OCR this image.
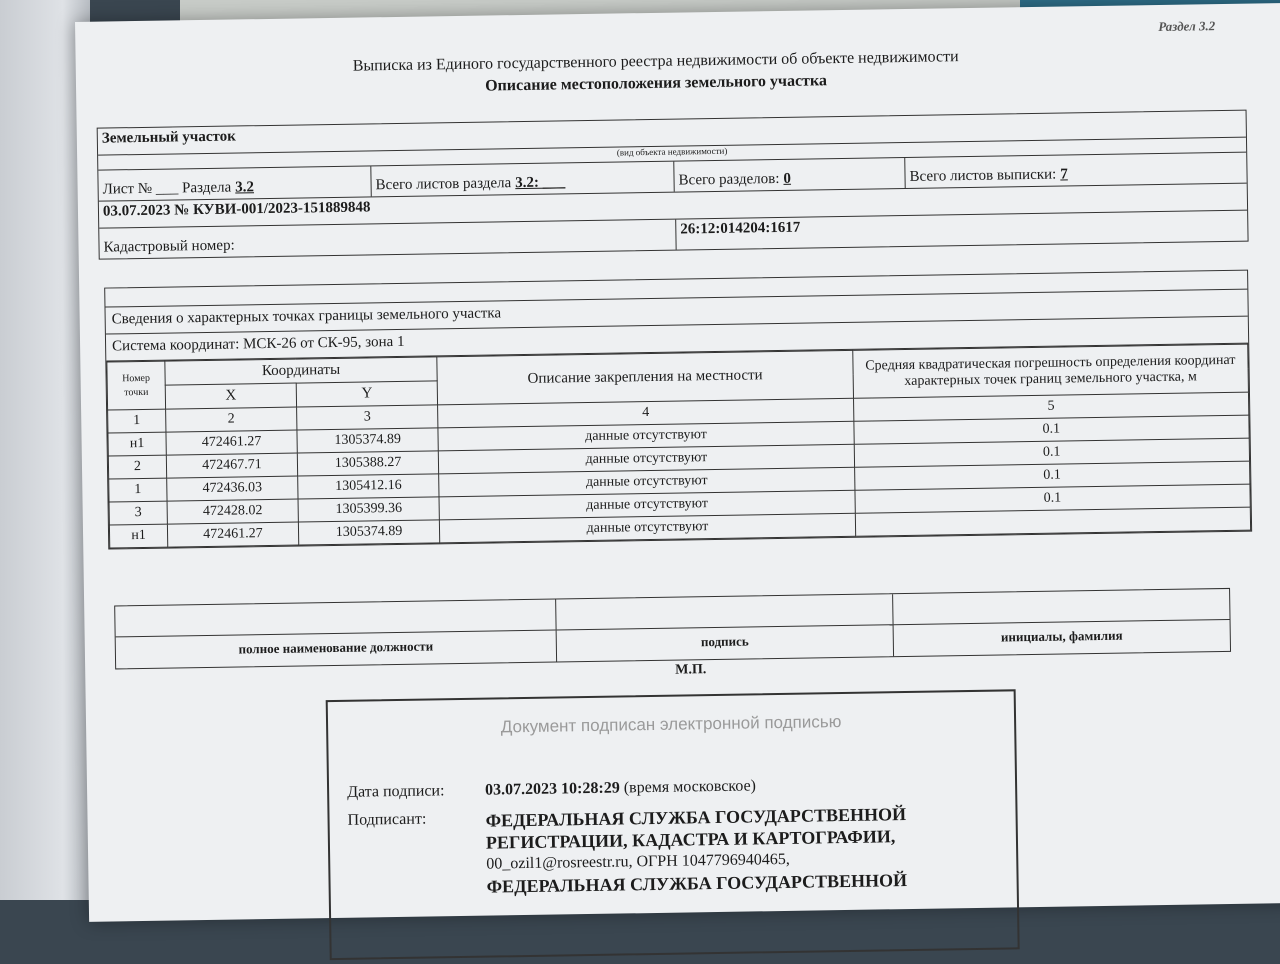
Раздел 3.2
Выписка из Единого государственного реестра недвижимости об объекте недвижимости
Описание местоположения земельного участка
Земельный участок
(вид объекта недвижимости)
Лист № ___ Раздела 3.2	Всего листов раздела 3.2: ___	Всего разделов: 0	Всего листов выписки: 7
03.07.2023 № КУВИ-001/2023-151889848
Кадастровый номер:
26:12:014204:1617
Сведения о характерных точках границы земельного участка
Система координат: МСК-26 от СК-95, зона 1
Номер точки	Координаты		Описание закрепления на местности	Средняя квадратическая погрешность определения координат характерных точек границ земельного участка, м
	X	Y		
1	2	3	4	5
н1	472461.27	1305374.89	данные отсутствуют	0.1
2	472467.71	1305388.27	данные отсутствуют	0.1
1	472436.03	1305412.16	данные отсутствуют	0.1
3	472428.02	1305399.36	данные отсутствуют	0.1
н1	472461.27	1305374.89	данные отсутствуют	
полное наименование должности	подпись	инициалы, фамилия
М.П.
Документ подписан электронной подписью
Дата подписи:	03.07.2023 10:28:29 (время московское)
Подписант:	ФЕДЕРАЛЬНАЯ СЛУЖБА ГОСУДАРСТВЕННОЙ
РЕГИСТРАЦИИ, КАДАСТРА И КАРТОГРАФИИ,
00_ozil1@rosreestr.ru, ОГРН 1047796940465,
ФЕДЕРАЛЬНАЯ СЛУЖБА ГОСУДАРСТВЕННОЙ
